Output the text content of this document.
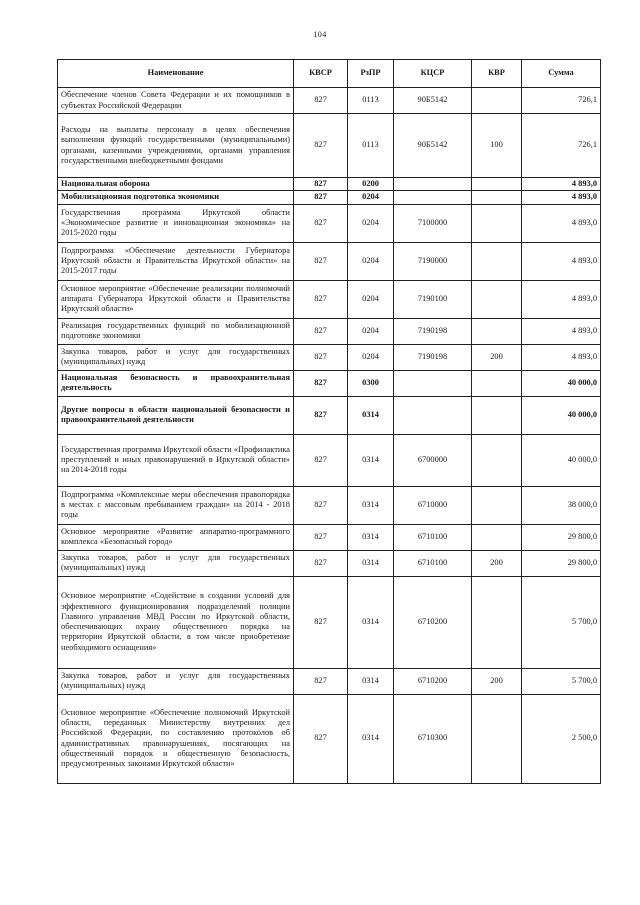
104
Наименование	КВСР	РзПР	КЦСР	КВР	Сумма
Обеспечение членов Совета Федерации и их помощников в субъектах Российской Федерации	827	0113	90Б5142		726,1
Расходы на выплаты персоналу в целях обеспечения выполнения функций государственными (муниципальными) органами, казенными учреждениями, органами управления государственными внебюджетными фондами	827	0113	90Б5142	100	726,1
Национальная оборона	827	0200			4 893,0
Мобилизационная подготовка экономики	827	0204			4 893,0
Государственная программа Иркутской области «Экономическое развитие и инновационная экономика» на 2015-2020 годы	827	0204	7100000		4 893,0
Подпрограмма «Обеспечение деятельности Губернатора Иркутской области и Правительства Иркутской области» на 2015-2017 годы	827	0204	7190000		4 893,0
Основное мероприятие «Обеспечение реализации полномочий аппарата Губернатора Иркутской области и Правительства Иркутской области»	827	0204	7190100		4 893,0
Реализация государственных функций по мобилизационной подготовке экономики	827	0204	7190198		4 893,0
Закупка товаров, работ и услуг для государственных (муниципальных) нужд	827	0204	7190198	200	4 893,0
Национальная безопасность и правоохранительная деятельность	827	0300			40 000,0
Другие вопросы в области национальной безопасности и правоохранительной деятельности	827	0314			40 000,0
Государственная программа Иркутской области «Профилактика преступлений и иных правонарушений в Иркутской области» на 2014-2018 годы	827	0314	6700000		40 000,0
Подпрограмма «Комплексные меры обеспечения правопорядка в местах с массовым пребыванием граждан» на 2014 - 2018 годы	827	0314	6710000		38 000,0
Основное мероприятие «Развитие аппаратно-программного комплекса «Безопасный город»	827	0314	6710100		29 800,0
Закупка товаров, работ и услуг для государственных (муниципальных) нужд	827	0314	6710100	200	29 800,0
Основное мероприятие «Содействие в создании условий для эффективного функционирования подразделений полиции Главного управления МВД России по Иркутской области, обеспечивающих охрану общественного порядка на территории Иркутской области, в том числе приобретение необходимого оснащения»	827	0314	6710200		5 700,0
Закупка товаров, работ и услуг для государственных (муниципальных) нужд	827	0314	6710200	200	5 700,0
Основное мероприятие «Обеспечение полномочий Иркутской области, переданных Министерству внутренних дел Российской Федерации, по составлению протоколов об административных правонарушениях, посягающих на общественный порядок и общественную безопасность, предусмотренных законами Иркутской области»	827	0314	6710300		2 500,0
